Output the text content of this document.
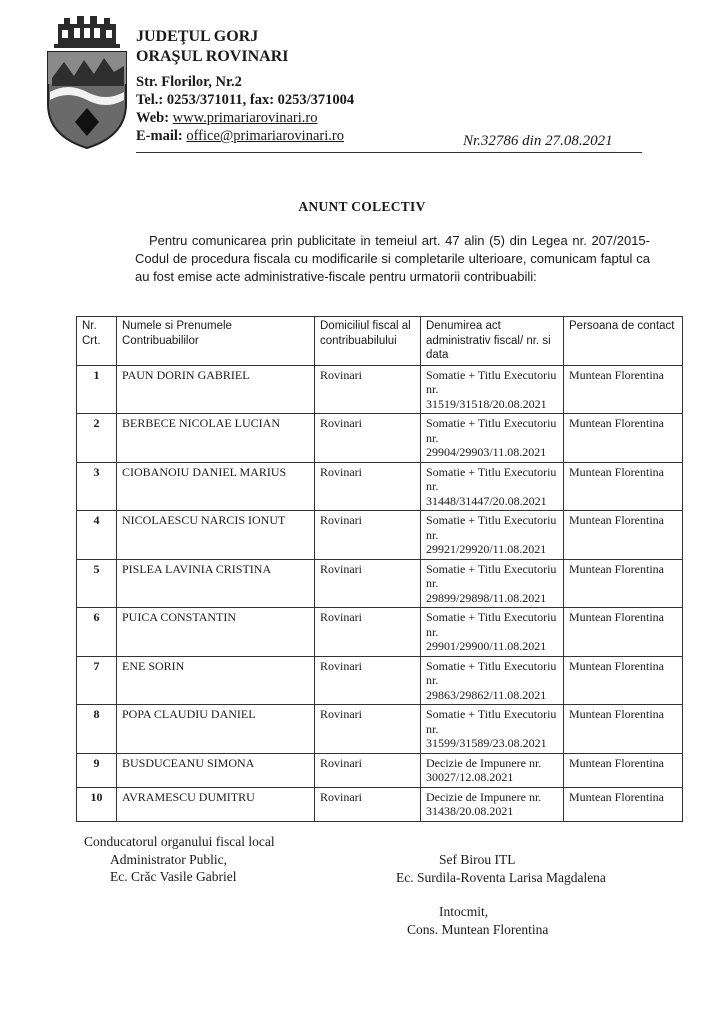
JUDEŢUL GORJ
ORAŞUL ROVINARI
Str. Florilor, Nr.2
Tel.: 0253/371011, fax: 0253/371004
Web: www.primariarovinari.ro
E-mail: office@primariarovinari.ro	Nr.32786 din 27.08.2021
ANUNT COLECTIV
Pentru comunicarea prin publicitate in temeiul art. 47 alin (5) din Legea nr. 207/2015-Codul de procedura fiscala cu modificarile si completarile ulterioare, comunicam faptul ca au fost emise acte administrative-fiscale pentru urmatorii contribuabili:
Nr. Crt.	Numele si Prenumele Contribuabililor	Domiciliul fiscal al contribuabilului	Denumirea act administrativ fiscal/ nr. si data	Persoana de contact
1	PAUN DORIN GABRIEL	Rovinari	Somatie + Titlu Executoriu nr. 31519/31518/20.08.2021	Muntean Florentina
2	BERBECE NICOLAE LUCIAN	Rovinari	Somatie + Titlu Executoriu nr. 29904/29903/11.08.2021	Muntean Florentina
3	CIOBANOIU DANIEL MARIUS	Rovinari	Somatie + Titlu Executoriu nr. 31448/31447/20.08.2021	Muntean Florentina
4	NICOLAESCU NARCIS IONUT	Rovinari	Somatie + Titlu Executoriu nr. 29921/29920/11.08.2021	Muntean Florentina
5	PISLEA LAVINIA CRISTINA	Rovinari	Somatie + Titlu Executoriu nr. 29899/29898/11.08.2021	Muntean Florentina
6	PUICA CONSTANTIN	Rovinari	Somatie + Titlu Executoriu nr. 29901/29900/11.08.2021	Muntean Florentina
7	ENE SORIN	Rovinari	Somatie + Titlu Executoriu nr. 29863/29862/11.08.2021	Muntean Florentina
8	POPA CLAUDIU DANIEL	Rovinari	Somatie + Titlu Executoriu nr. 31599/31589/23.08.2021	Muntean Florentina
9	BUSDUCEANU SIMONA	Rovinari	Decizie de Impunere nr. 30027/12.08.2021	Muntean Florentina
10	AVRAMESCU DUMITRU	Rovinari	Decizie de Impunere nr. 31438/20.08.2021	Muntean Florentina
Conducatorul organului fiscal local
Administrator Public,
Ec. Crăc Vasile Gabriel
Sef Birou ITL
Ec. Surdila-Roventa Larisa Magdalena
Intocmit,
Cons. Muntean Florentina
